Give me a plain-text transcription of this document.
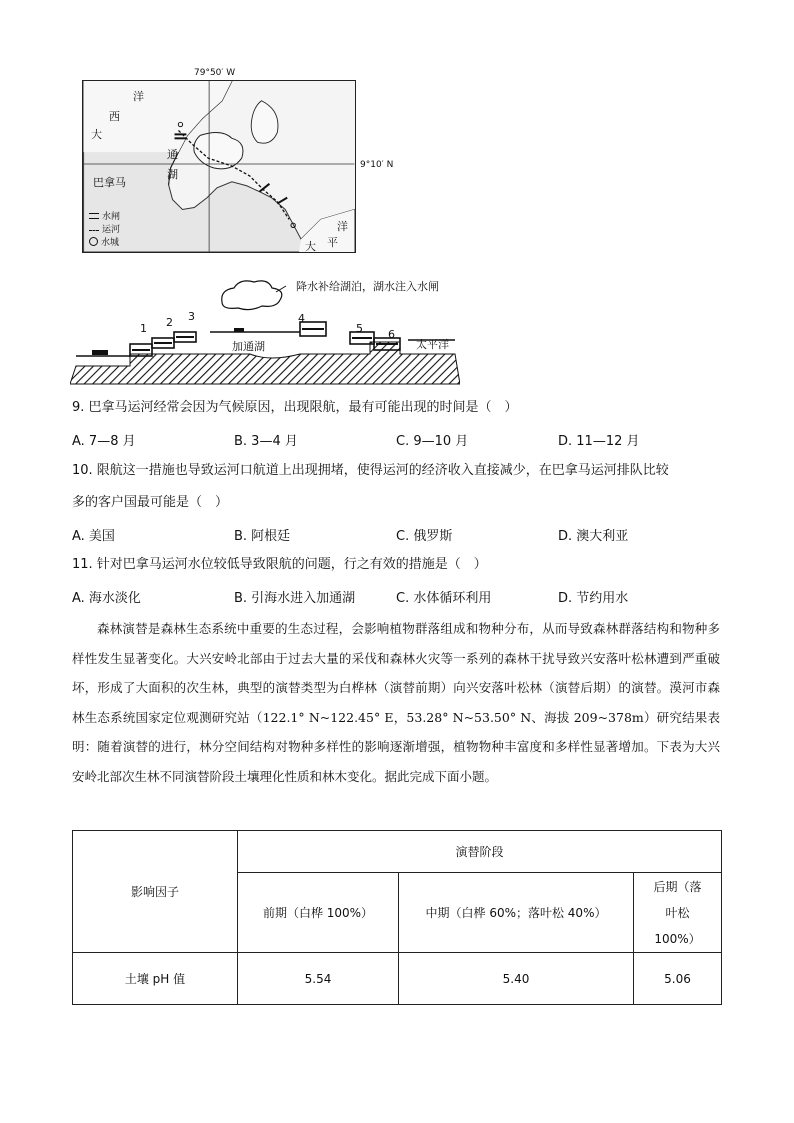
大
西
洋
巴拿马
通
湖
洋
大 平
水闸
运河
水城
79°50′ W
9°10′ N
降水补给湖泊，湖水注入水闸
加通湖	太平洋
1 2 3	4
5 6
9. 巴拿马运河经常会因为气候原因，出现限航，最有可能出现的时间是（　）
A. 7—8 月	B. 3—4 月	C. 9—10 月	D. 11—12 月
10. 限航这一措施也导致运河口航道上出现拥堵，使得运河的经济收入直接减少，在巴拿马运河排队比较
多的客户国最可能是（　）
A. 美国	B. 阿根廷	C. 俄罗斯	D. 澳大利亚
11. 针对巴拿马运河水位较低导致限航的问题，行之有效的措施是（　）
A. 海水淡化	B. 引海水进入加通湖	C. 水体循环利用	D. 节约用水
森林演替是森林生态系统中重要的生态过程，会影响植物群落组成和物种分布，从而导致森林群落结构和物种多样性发生显著变化。大兴安岭北部由于过去大量的采伐和森林火灾等一系列的森林干扰导致兴安落叶松林遭到严重破坏，形成了大面积的次生林，典型的演替类型为白桦林（演替前期）向兴安落叶松林（演替后期）的演替。漠河市森林生态系统国家定位观测研究站（122.1° N~122.45° E，53.28° N~53.50° N、海拔 209~378m）研究结果表明：随着演替的进行，林分空间结构对物种多样性的影响逐渐增强，植物物种丰富度和多样性显著增加。下表为大兴安岭北部次生林不同演替阶段土壤理化性质和林木变化。据此完成下面小题。
影响因子	演替阶段		
	前期（白桦 100%）	中期（白桦 60%；落叶松 40%）	后期（落叶松 100%）
土壤 pH 值	5.54	5.40	5.06
